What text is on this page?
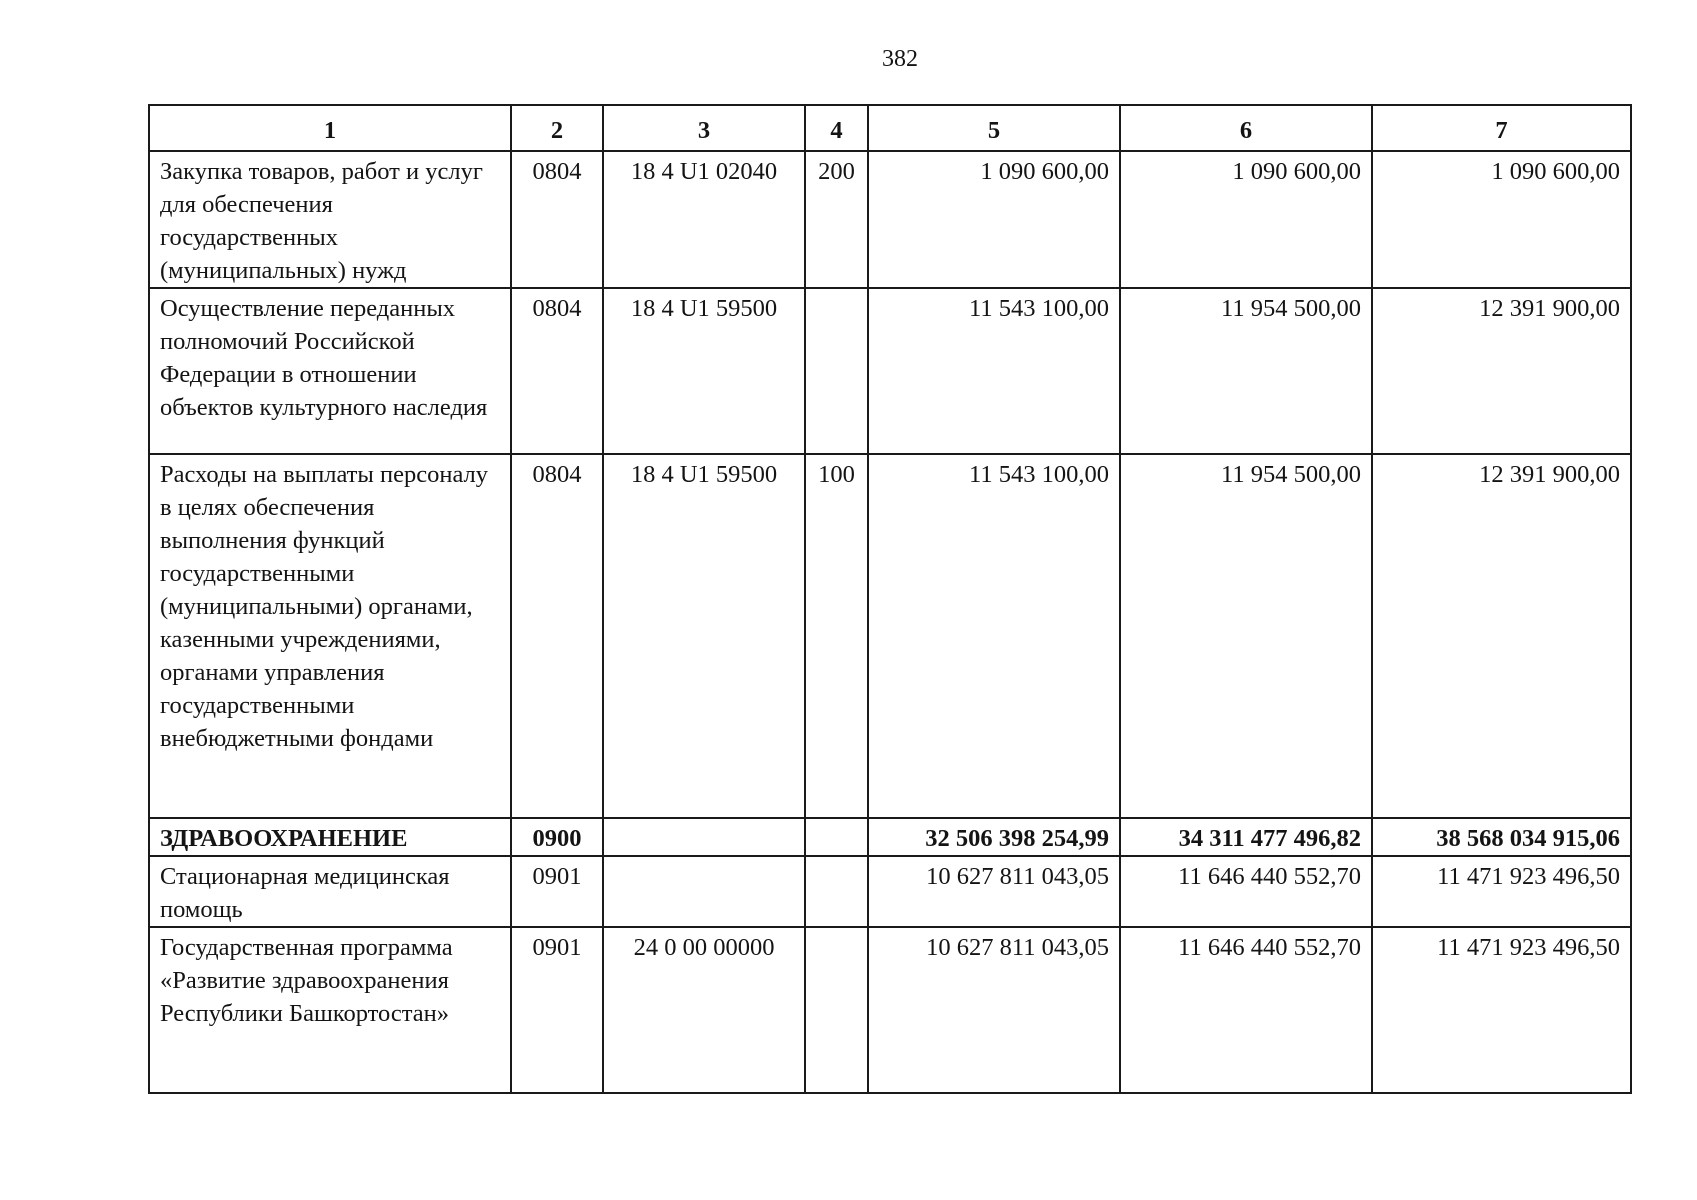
382
1	2	3	4	5	6	7
Закупка товаров, работ и услуг для обеспечения государственных (муниципальных) нужд	0804	18 4 U1 02040	200	1 090 600,00	1 090 600,00	1 090 600,00
Осуществление переданных полномочий Российской Федерации в отношении объектов культурного наследия	0804	18 4 U1 59500		11 543 100,00	11 954 500,00	12 391 900,00
Расходы на выплаты персоналу в целях обеспечения выполнения функций государственными (муниципальными) органами, казенными учреждениями, органами управления государственными внебюджетными фондами	0804	18 4 U1 59500	100	11 543 100,00	11 954 500,00	12 391 900,00
ЗДРАВООХРАНЕНИЕ	0900			32 506 398 254,99	34 311 477 496,82	38 568 034 915,06
Стационарная медицинская помощь	0901			10 627 811 043,05	11 646 440 552,70	11 471 923 496,50
Государственная программа «Развитие здравоохранения Республики Башкортостан»	0901	24 0 00 00000		10 627 811 043,05	11 646 440 552,70	11 471 923 496,50
